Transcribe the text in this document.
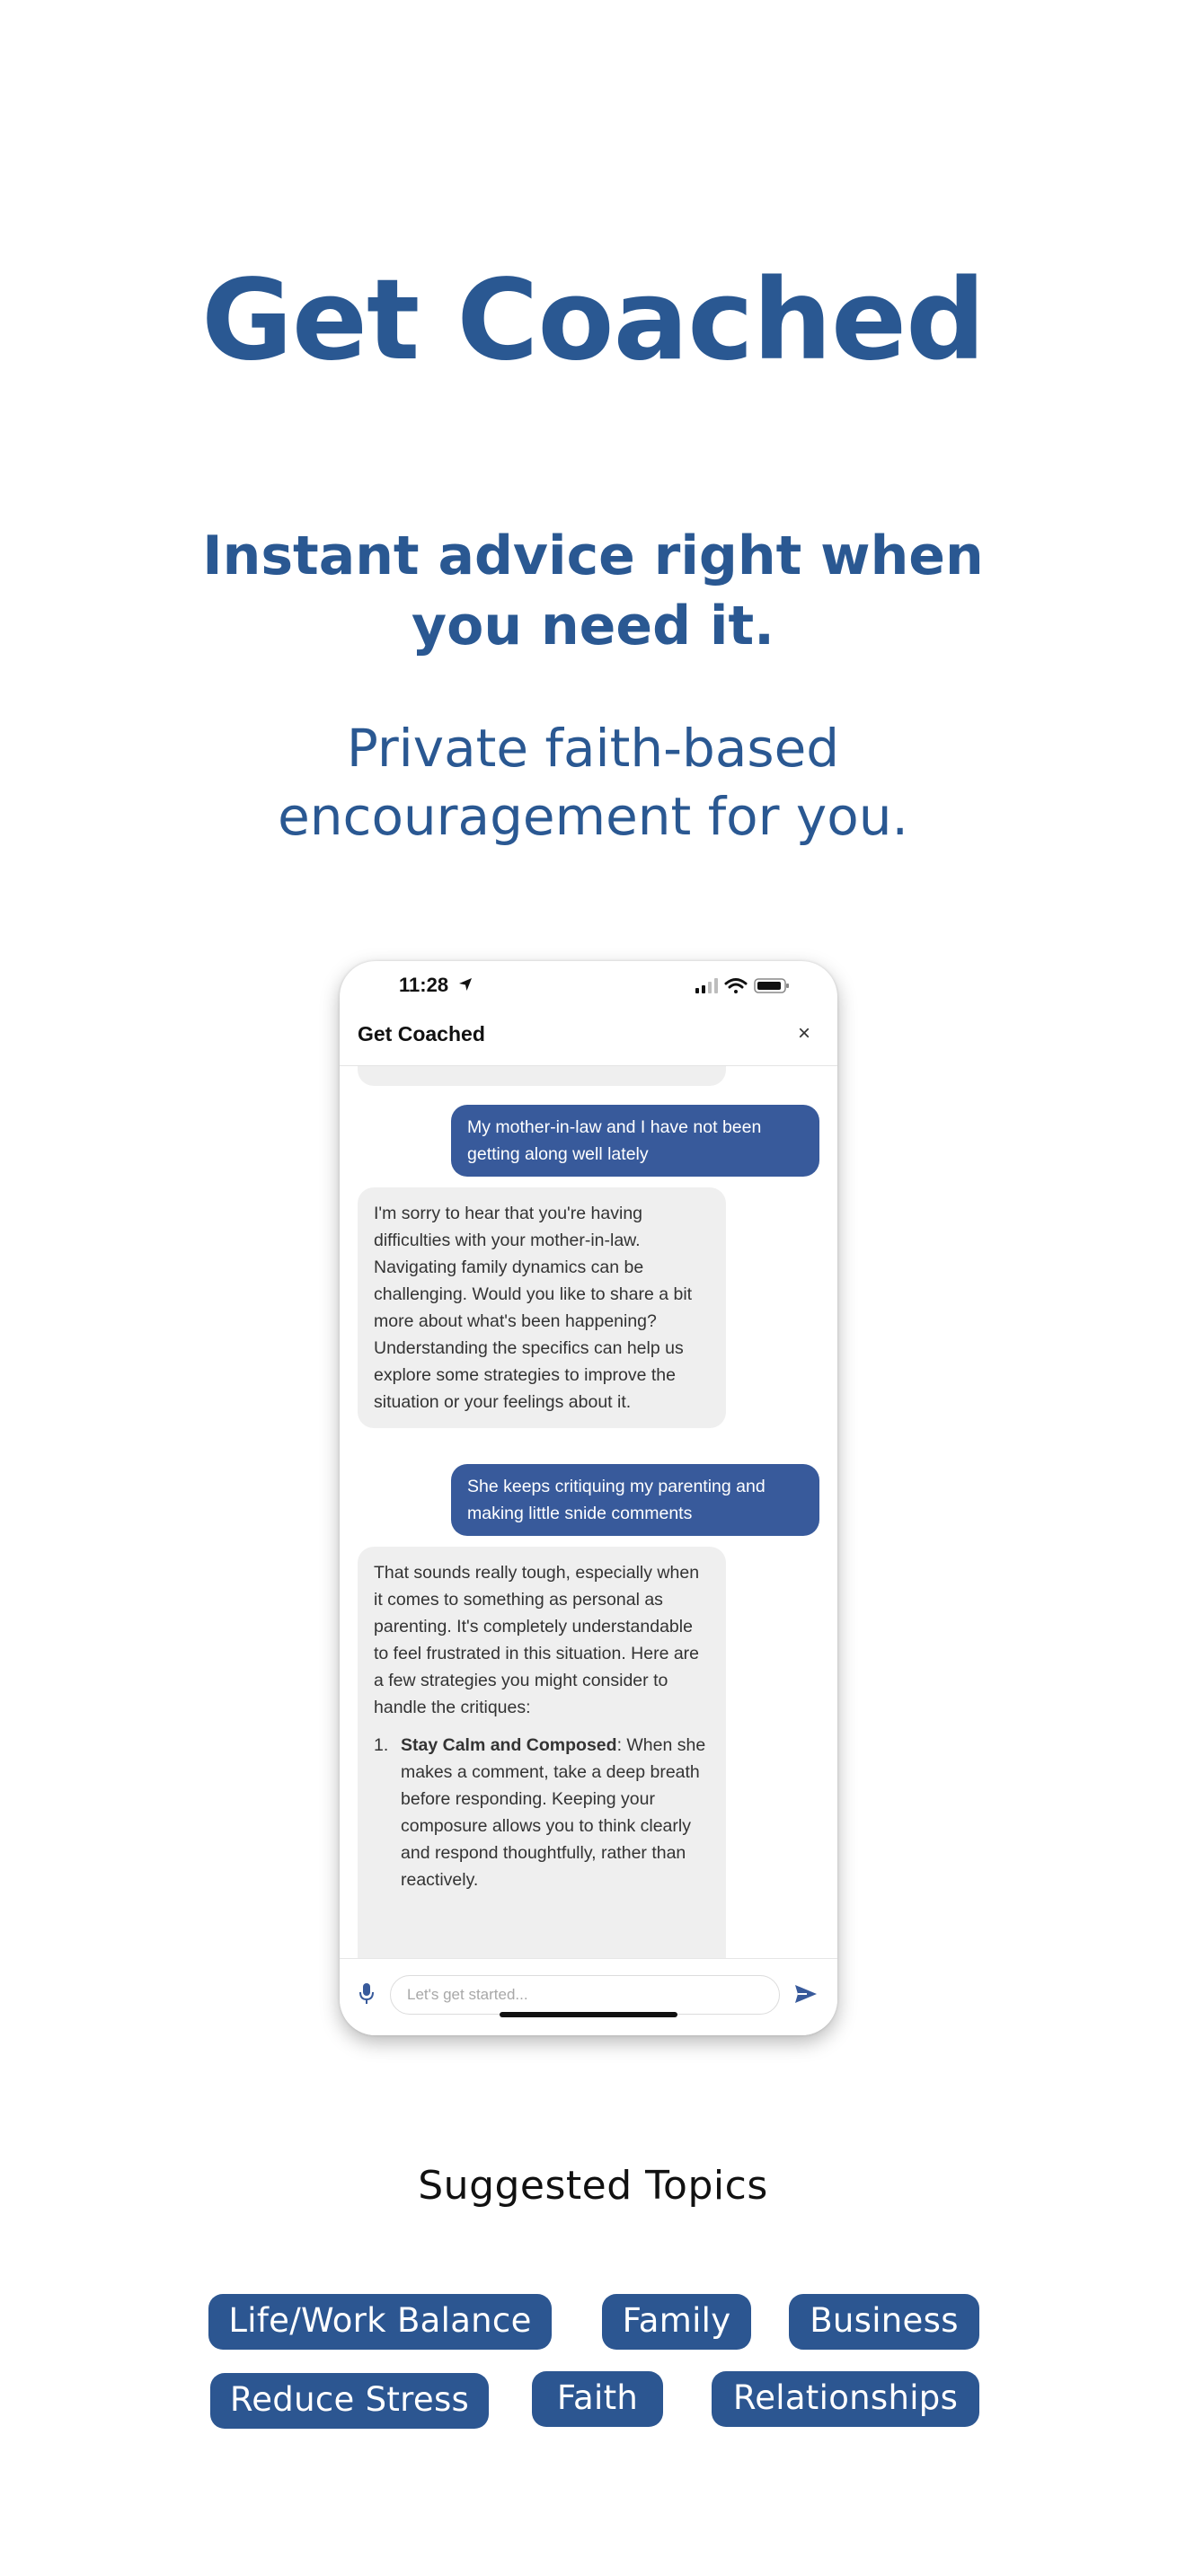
Get Coached
Instant advice right when you need it.
Private faith-based encouragement for you.
11:28
Get Coached	×
My mother-in-law and I have not been getting along well lately
I'm sorry to hear that you're having difficulties with your mother-in-law. Navigating family dynamics can be challenging. Would you like to share a bit more about what's been happening? Understanding the specifics can help us explore some strategies to improve the situation or your feelings about it.
She keeps critiquing my parenting and making little snide comments
That sounds really tough, especially when it comes to something as personal as parenting. It's completely understandable to feel frustrated in this situation. Here are a few strategies you might consider to handle the critiques:
1. Stay Calm and Composed: When she makes a comment, take a deep breath before responding. Keeping your composure allows you to think clearly and respond thoughtfully, rather than reactively.
Let's get started...
Suggested Topics
Life/Work Balance	Family	Business
Reduce Stress	Faith	Relationships
